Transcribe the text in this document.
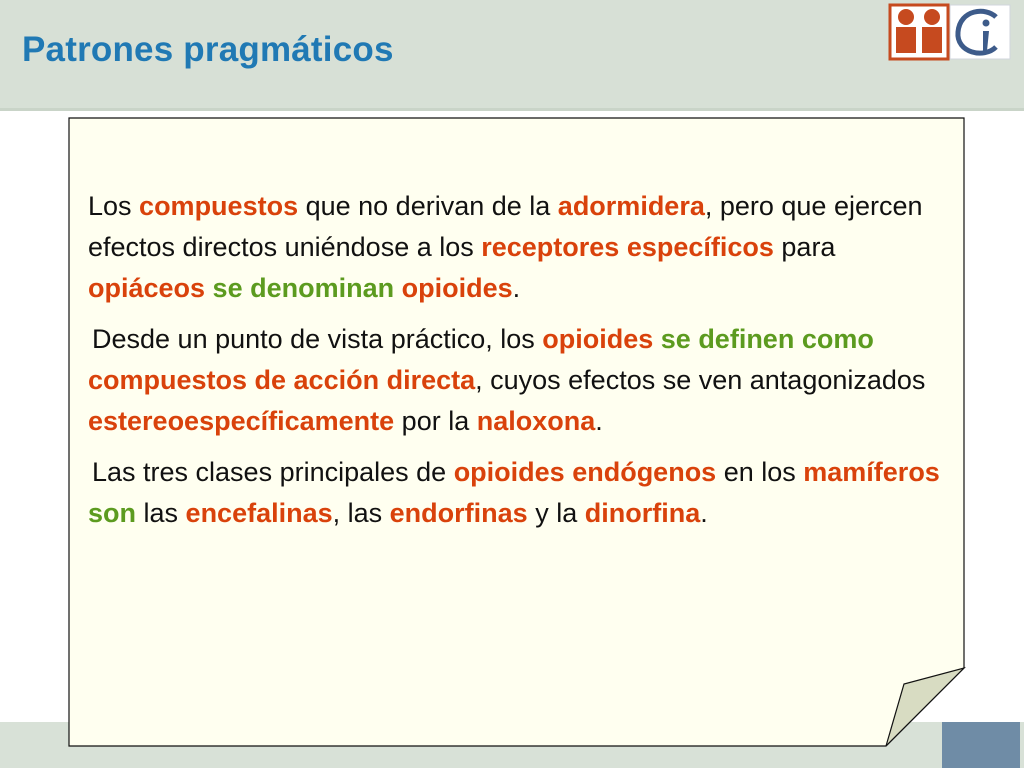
Patrones pragmáticos

Los compuestos que no derivan de la adormidera, pero que ejercen efectos directos uniéndose a los receptores específicos para opiáceos se denominan opioides.

Desde un punto de vista práctico, los opioides se definen como compuestos de acción directa, cuyos efectos se ven antagonizados estereoespecíficamente por la naloxona.

Las tres clases principales de opioides endógenos en los mamíferos son las encefalinas, las endorfinas y la dinorfina.
